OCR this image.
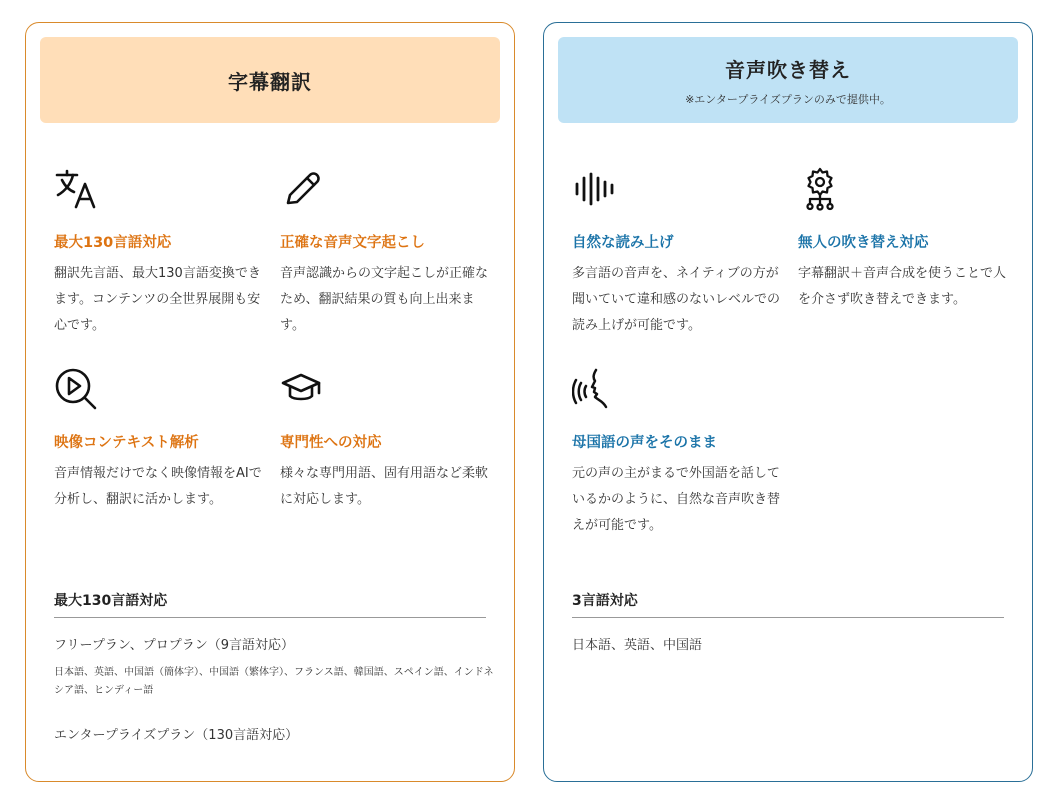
字幕翻訳
最大130言語対応
翻訳先言語、最大130言語変換できます。コンテンツの全世界展開も安心です。
正確な音声文字起こし
音声認識からの文字起こしが正確なため、翻訳結果の質も向上出来ます。
映像コンテキスト解析
音声情報だけでなく映像情報をAIで分析し、翻訳に活かします。
専門性への対応
様々な専門用語、固有用語など柔軟に対応します。
最大130言語対応
フリープラン、プロプラン（9言語対応）
日本語、英語、中国語（簡体字）、中国語（繁体字）、フランス語、韓国語、スペイン語、インドネシア語、ヒンディー語
エンタープライズプラン（130言語対応）
音声吹き替え
※エンタープライズプランのみで提供中。
自然な読み上げ
多言語の音声を、ネイティブの方が聞いていて違和感のないレベルでの読み上げが可能です。
無人の吹き替え対応
字幕翻訳＋音声合成を使うことで人を介さず吹き替えできます。
母国語の声をそのまま
元の声の主がまるで外国語を話しているかのように、自然な音声吹き替えが可能です。
3言語対応
日本語、英語、中国語
